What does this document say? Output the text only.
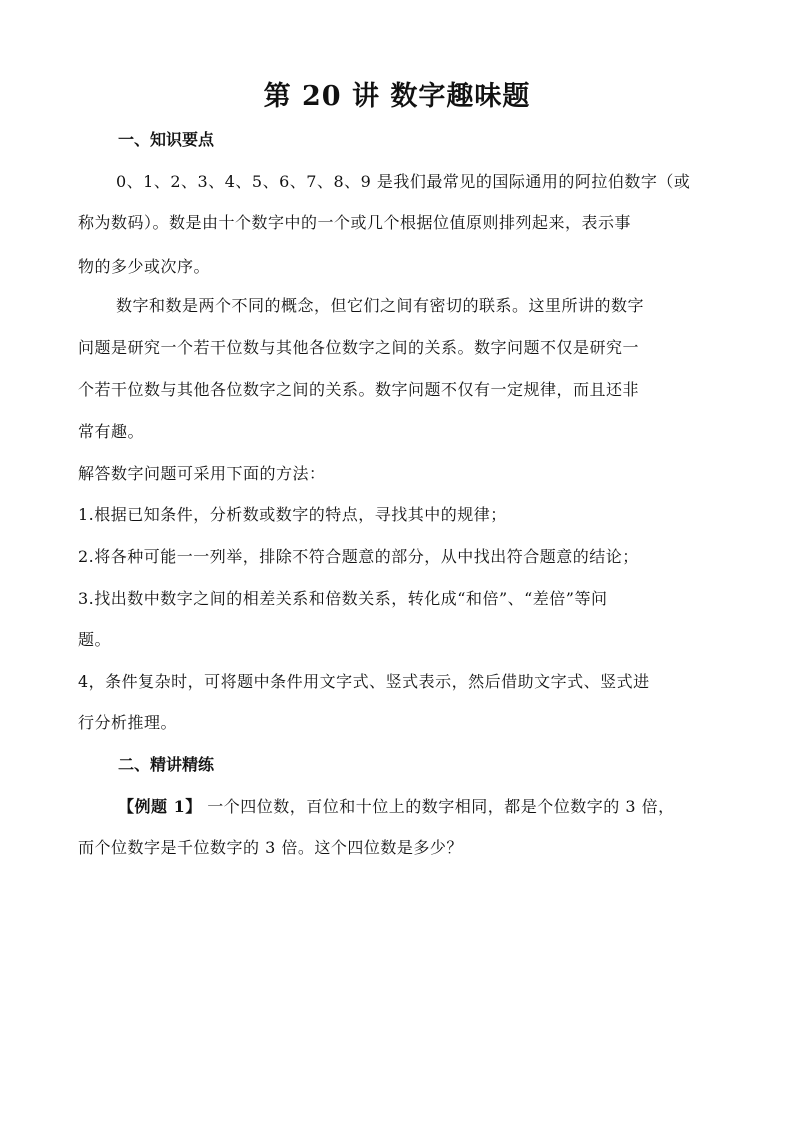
第 20 讲 数字趣味题
一、知识要点
0、1、2、3、4、5、6、7、8、9 是我们最常见的国际通用的阿拉伯数字（或
称为数码）。数是由十个数字中的一个或几个根据位值原则排列起来，表示事
物的多少或次序。
数字和数是两个不同的概念，但它们之间有密切的联系。这里所讲的数字
问题是研究一个若干位数与其他各位数字之间的关系。数字问题不仅是研究一
个若干位数与其他各位数字之间的关系。数字问题不仅有一定规律，而且还非
常有趣。
解答数字问题可采用下面的方法：
1.根据已知条件，分析数或数字的特点，寻找其中的规律；
2.将各种可能一一列举，排除不符合题意的部分，从中找出符合题意的结论；
3.找出数中数字之间的相差关系和倍数关系，转化成“和倍”、“差倍”等问
题。
4，条件复杂时，可将题中条件用文字式、竖式表示，然后借助文字式、竖式进
行分析推理。
二、精讲精练
【例题 1】 一个四位数，百位和十位上的数字相同，都是个位数字的 3 倍，
而个位数字是千位数字的 3 倍。这个四位数是多少？
